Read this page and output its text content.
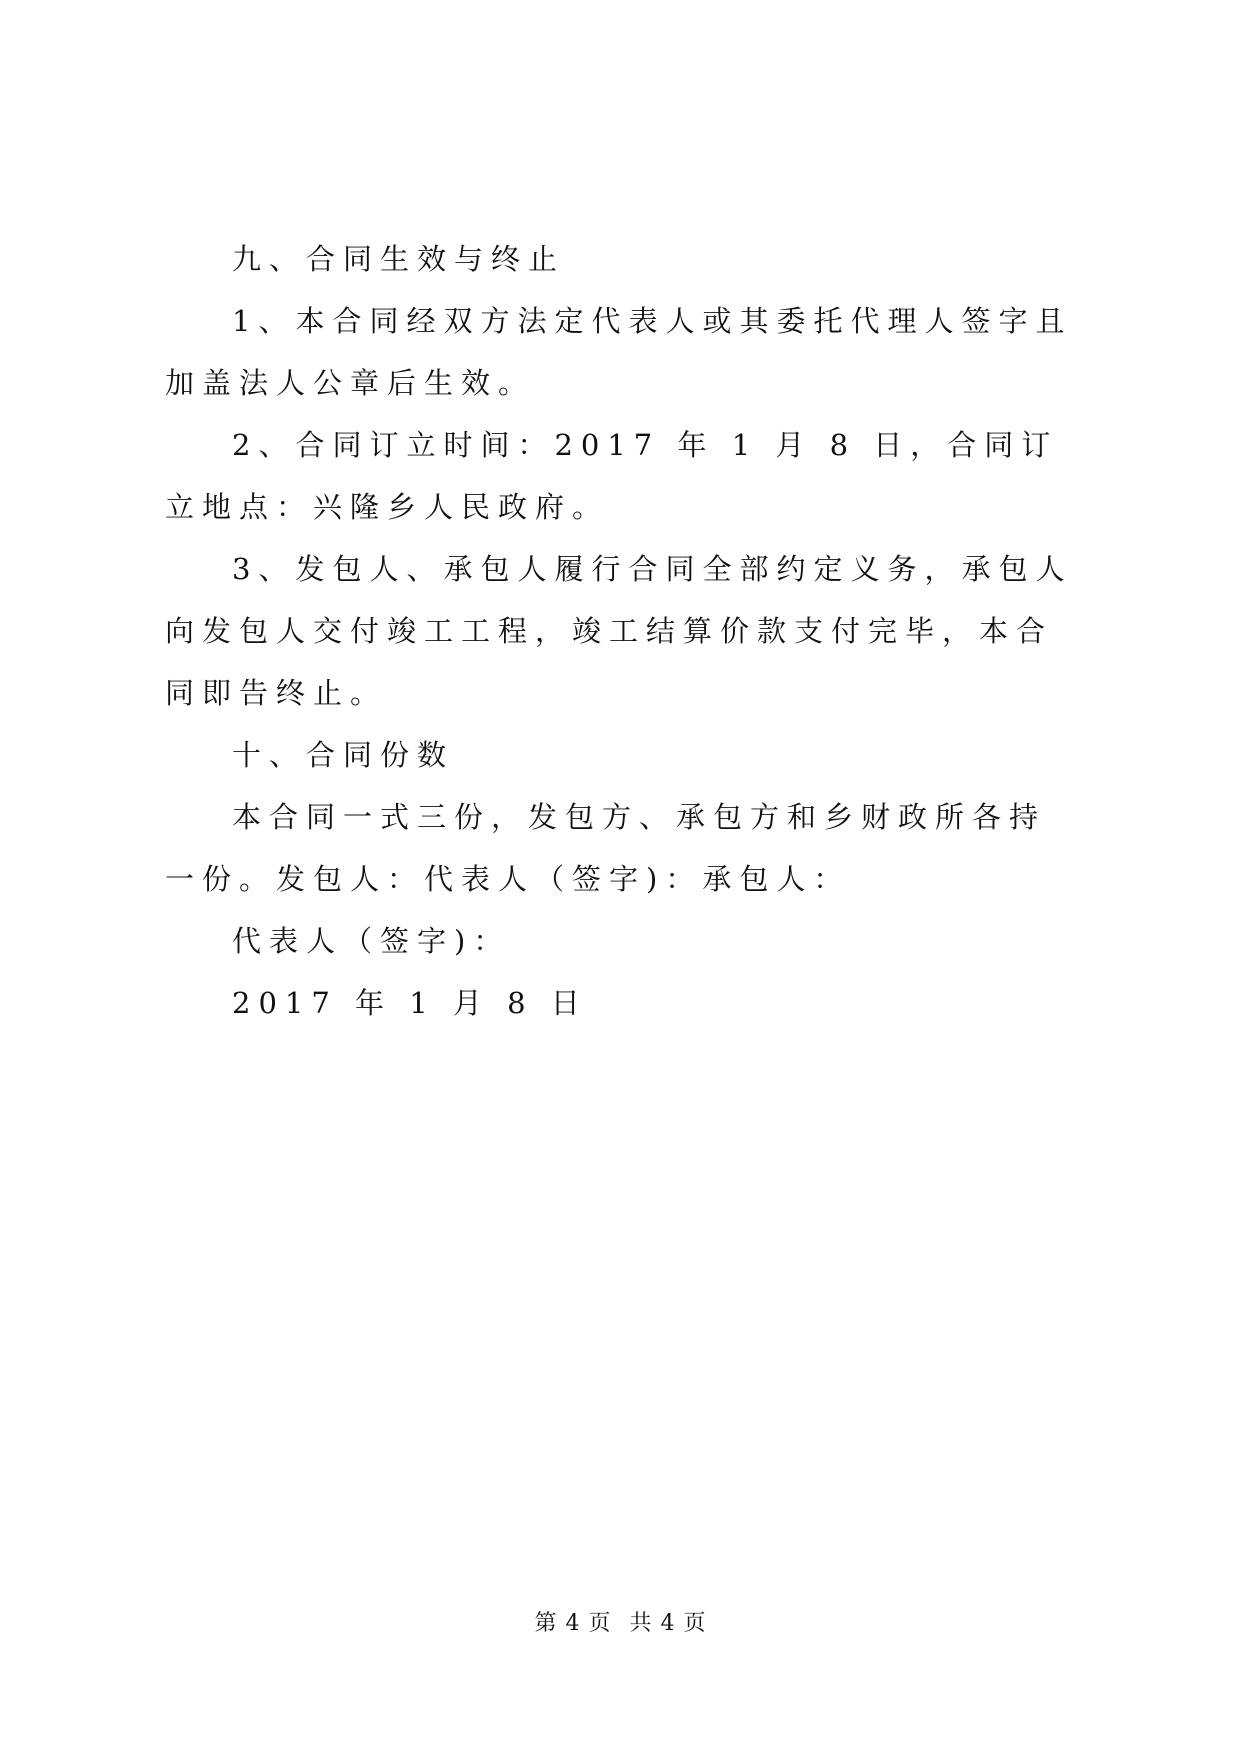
九、合同生效与终止

1、本合同经双方法定代表人或其委托代理人签字且加盖法人公章后生效。

2、合同订立时间：2017 年 1 月 8 日，合同订立地点：兴隆乡人民政府。

3、发包人、承包人履行合同全部约定义务，承包人向发包人交付竣工工程，竣工结算价款支付完毕，本合同即告终止。

十、合同份数

本合同一式三份，发包方、承包方和乡财政所各持一份。发包人：代表人（签字)：承包人：

代表人（签字)：

2017 年 1 月 8 日

第 4 页 共 4 页
